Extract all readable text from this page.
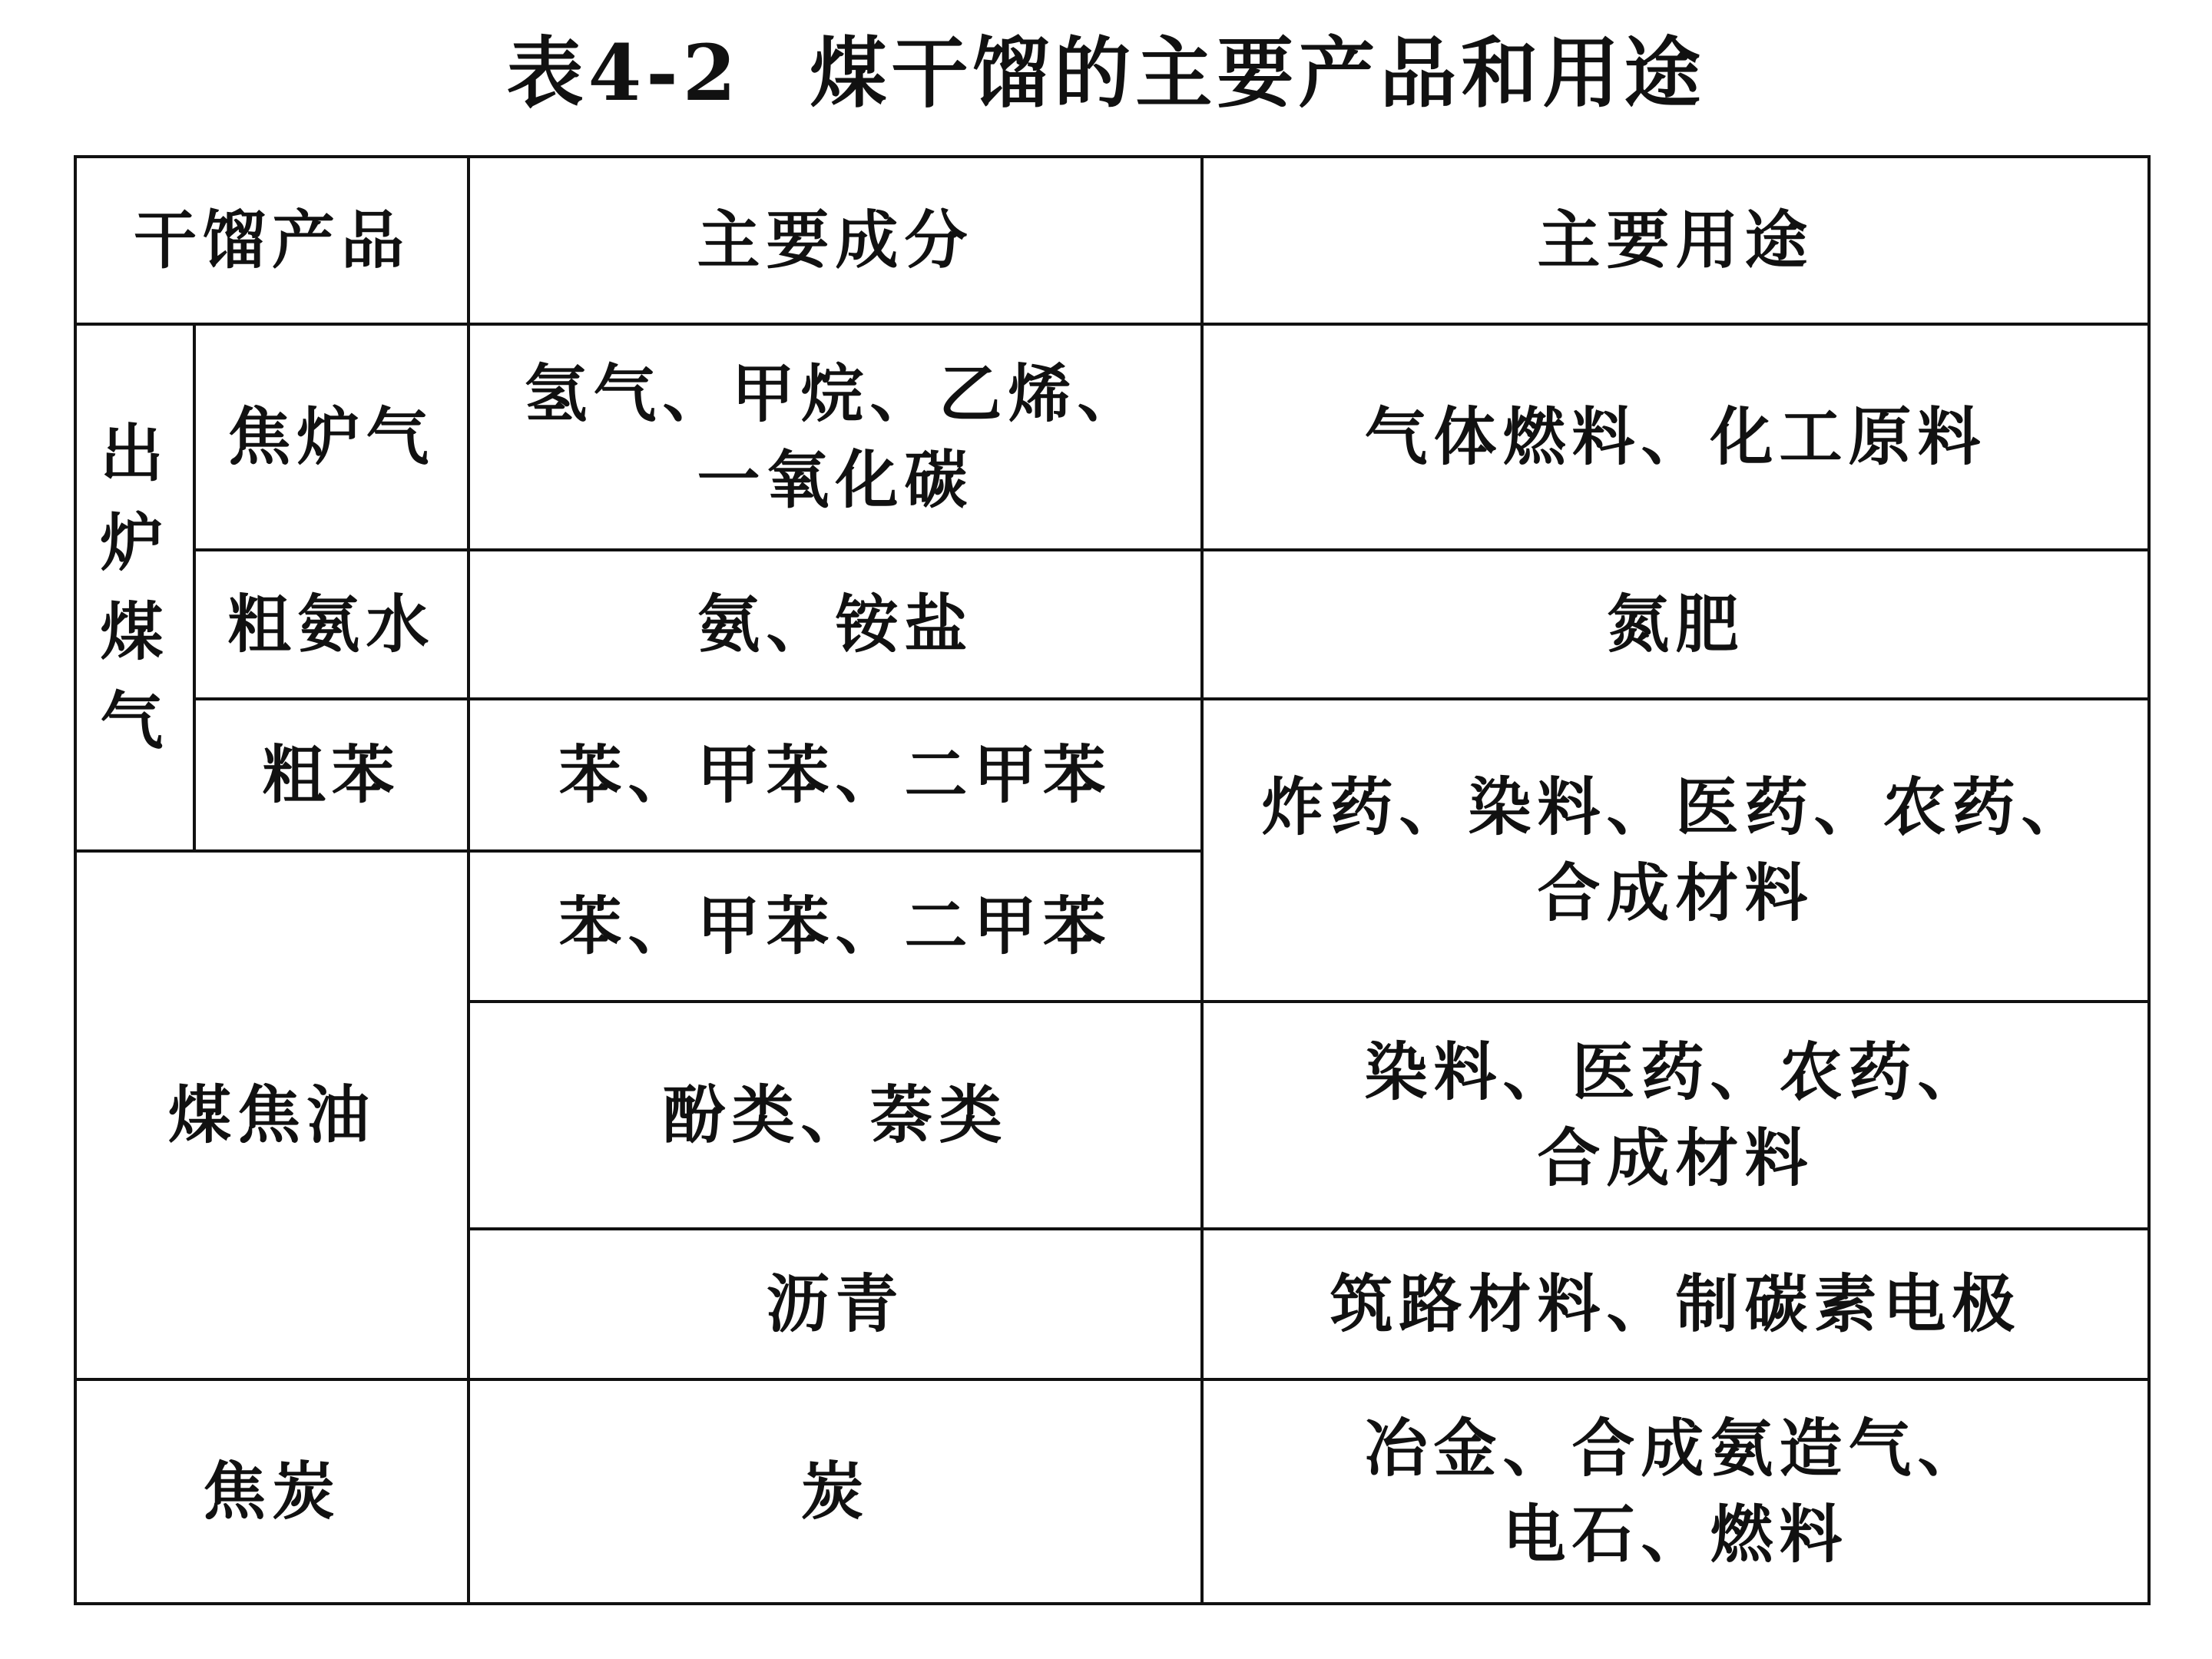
表4-2 煤干馏的主要产品和用途
干馏产品		主要成分	主要用途
出炉煤气	焦炉气	氢气、甲烷、乙烯、
一氧化碳	气体燃料、化工原料
	粗氨水	氨、铵盐	氮肥
	粗苯	苯、甲苯、二甲苯	炸药、染料、医药、农药、
合成材料

煤焦油		苯、甲苯、二甲苯	
		酚类、萘类	染料、医药、农药、
合成材料

		沥青	筑路材料、制碳素电极
焦炭		炭	冶金、合成氨造气、
电石、燃料
